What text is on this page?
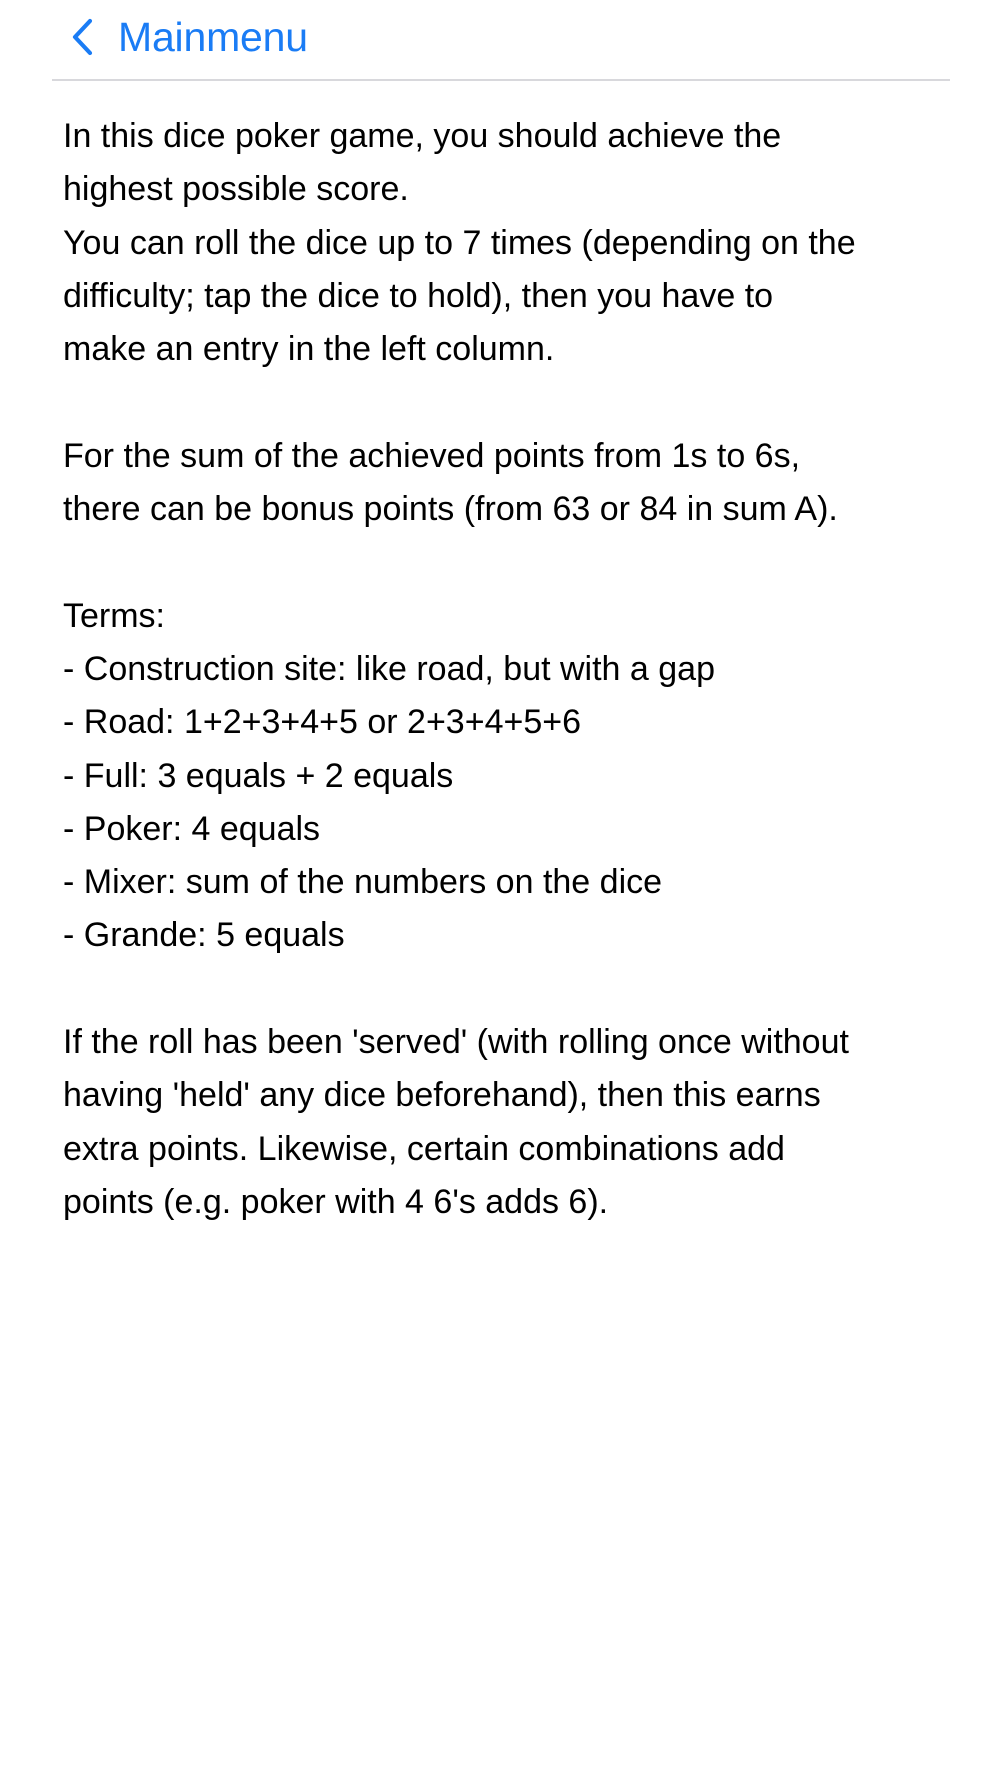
Mainmenu
In this dice poker game, you should achieve the
highest possible score.
You can roll the dice up to 7 times (depending on the
difficulty; tap the dice to hold), then you have to
make an entry in the left column.
For the sum of the achieved points from 1s to 6s,
there can be bonus points (from 63 or 84 in sum A).
Terms:
- Construction site: like road, but with a gap
- Road: 1+2+3+4+5 or 2+3+4+5+6
- Full: 3 equals + 2 equals
- Poker: 4 equals
- Mixer: sum of the numbers on the dice
- Grande: 5 equals
If the roll has been 'served' (with rolling once without
having 'held' any dice beforehand), then this earns
extra points. Likewise, certain combinations add
points (e.g. poker with 4 6's adds 6).
